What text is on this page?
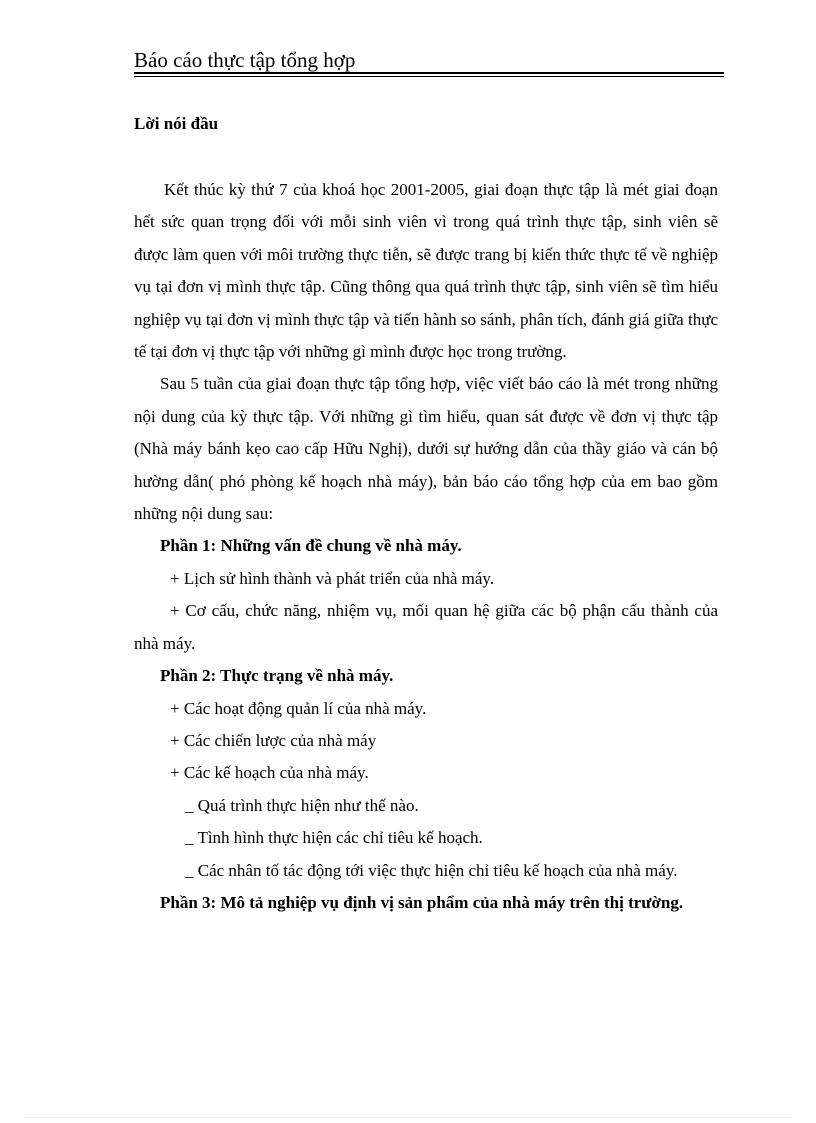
Báo cáo thực tập tổng hợp
Lời nói đầu

Kết thúc kỳ thứ 7 của khoá học 2001-2005, giai đoạn thực tập là mét giai đoạn hết sức quan trọng đối với mỗi sinh viên vì trong quá trình thực tập, sinh viên sẽ được làm quen với môi trường thực tiễn, sẽ được trang bị kiến thức thực tế về nghiệp vụ tại đơn vị mình thực tập. Cũng thông qua quá trình thực tập, sinh viên sẽ tìm hiểu nghiệp vụ tại đơn vị mình thực tập và tiến hành so sánh, phân tích, đánh giá giữa thực tế tại đơn vị thực tập với những gì mình được học trong trường.

Sau 5 tuần của giai đoạn thực tập tổng hợp, việc viết báo cáo là mét trong những nội dung của kỳ thực tập. Với những gì tìm hiểu, quan sát được về đơn vị thực tập (Nhà máy bánh kẹo cao cấp Hữu Nghị), dưới sự hướng dẫn của thầy giáo và cán bộ hường dẫn( phó phòng kế hoạch nhà máy), bản báo cáo tổng hợp của em bao gồm những nội dung sau:

Phần 1: Những vấn đề chung về nhà máy.

+ Lịch sử hình thành và phát triển của nhà máy.

+ Cơ cấu, chức năng, nhiệm vụ, mối quan hệ giữa các bộ phận cấu thành của nhà máy.

Phần 2: Thực trạng về nhà máy.

+ Các hoạt động quản lí của nhà máy.

+ Các chiến lược của nhà máy

+ Các kế hoạch của nhà máy.

_ Quá trình thực hiện như thế nào.

_ Tình hình thực hiện các chỉ tiêu kế hoạch.

_ Các nhân tố tác động tới việc thực hiện chỉ tiêu kế hoạch của nhà máy.

Phần 3: Mô tả nghiệp vụ định vị sản phẩm của nhà máy trên thị trường.
